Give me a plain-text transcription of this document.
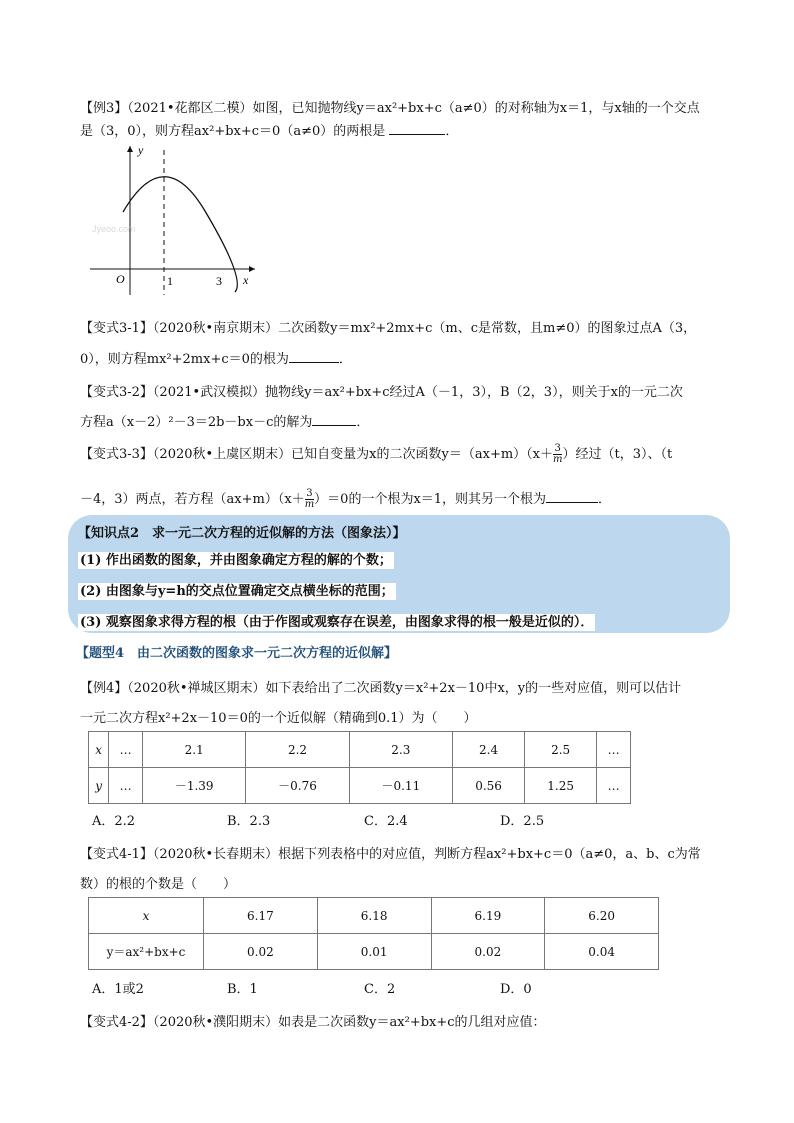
【例3】（2021•花都区二模）如图，已知抛物线y＝ax²+bx+c（a≠0）的对称轴为x＝1，与x轴的一个交点
是（3，0），则方程ax²+bx+c＝0（a≠0）的两根是	．
Jyeoo.com
y
x
O	1	3
【变式3-1】（2020秋•南京期末）二次函数y＝mx²+2mx+c（m、c是常数，且m≠0）的图象过点A（3，
0），则方程mx²+2mx+c＝0的根为	．
【变式3-2】（2021•武汉模拟）抛物线y＝ax²+bx+c经过A（－1，3），B（2，3），则关于x的一元二次
方程a（x－2）²－3＝2b－bx－c的解为	．
【变式3-3】（2020秋•上虞区期末）已知自变量为x的二次函数$y=(ax+m)(x+ \frac{3}{m}$ ）经过（t，3）、（t
－4，3）两点，若方程$(ax+m)(x+ \frac{3}{m} )=0$的一个根为x＝1，则其另一个根为	．
【知识点2　求一元二次方程的近似解的方法（图象法）】
(1) 作出函数的图象，并由图象确定方程的解的个数；
(2) 由图象与y=h的交点位置确定交点横坐标的范围；
(3) 观察图象求得方程的根（由于作图或观察存在误差，由图象求得的根一般是近似的）．
【题型4　由二次函数的图象求一元二次方程的近似解】
【例4】（2020秋•禅城区期末）如下表给出了二次函数y＝x²+2x－10中x，y的一些对应值，则可以估计
一元二次方程x²+2x－10＝0的一个近似解（精确到0.1）为（　　）
x	…	2.1	2.2	2.3	2.4	2.5	…
y	…	－1.39	－0.76	－0.11	0.56	1.25	…
A．2.2	B．2.3	C．2.4	D．2.5
【变式4-1】（2020秋•长春期末）根据下列表格中的对应值，判断方程ax²+bx+c＝0（a≠0，a、b、c为常
数）的根的个数是（　　）
x	6.17	6.18	6.19	6.20
y＝ax²+bx+c	0.02	0.01	0.02	0.04
A．1或2	B．1	C．2	D．0
【变式4-2】（2020秋•濮阳期末）如表是二次函数y＝ax²+bx+c的几组对应值：
